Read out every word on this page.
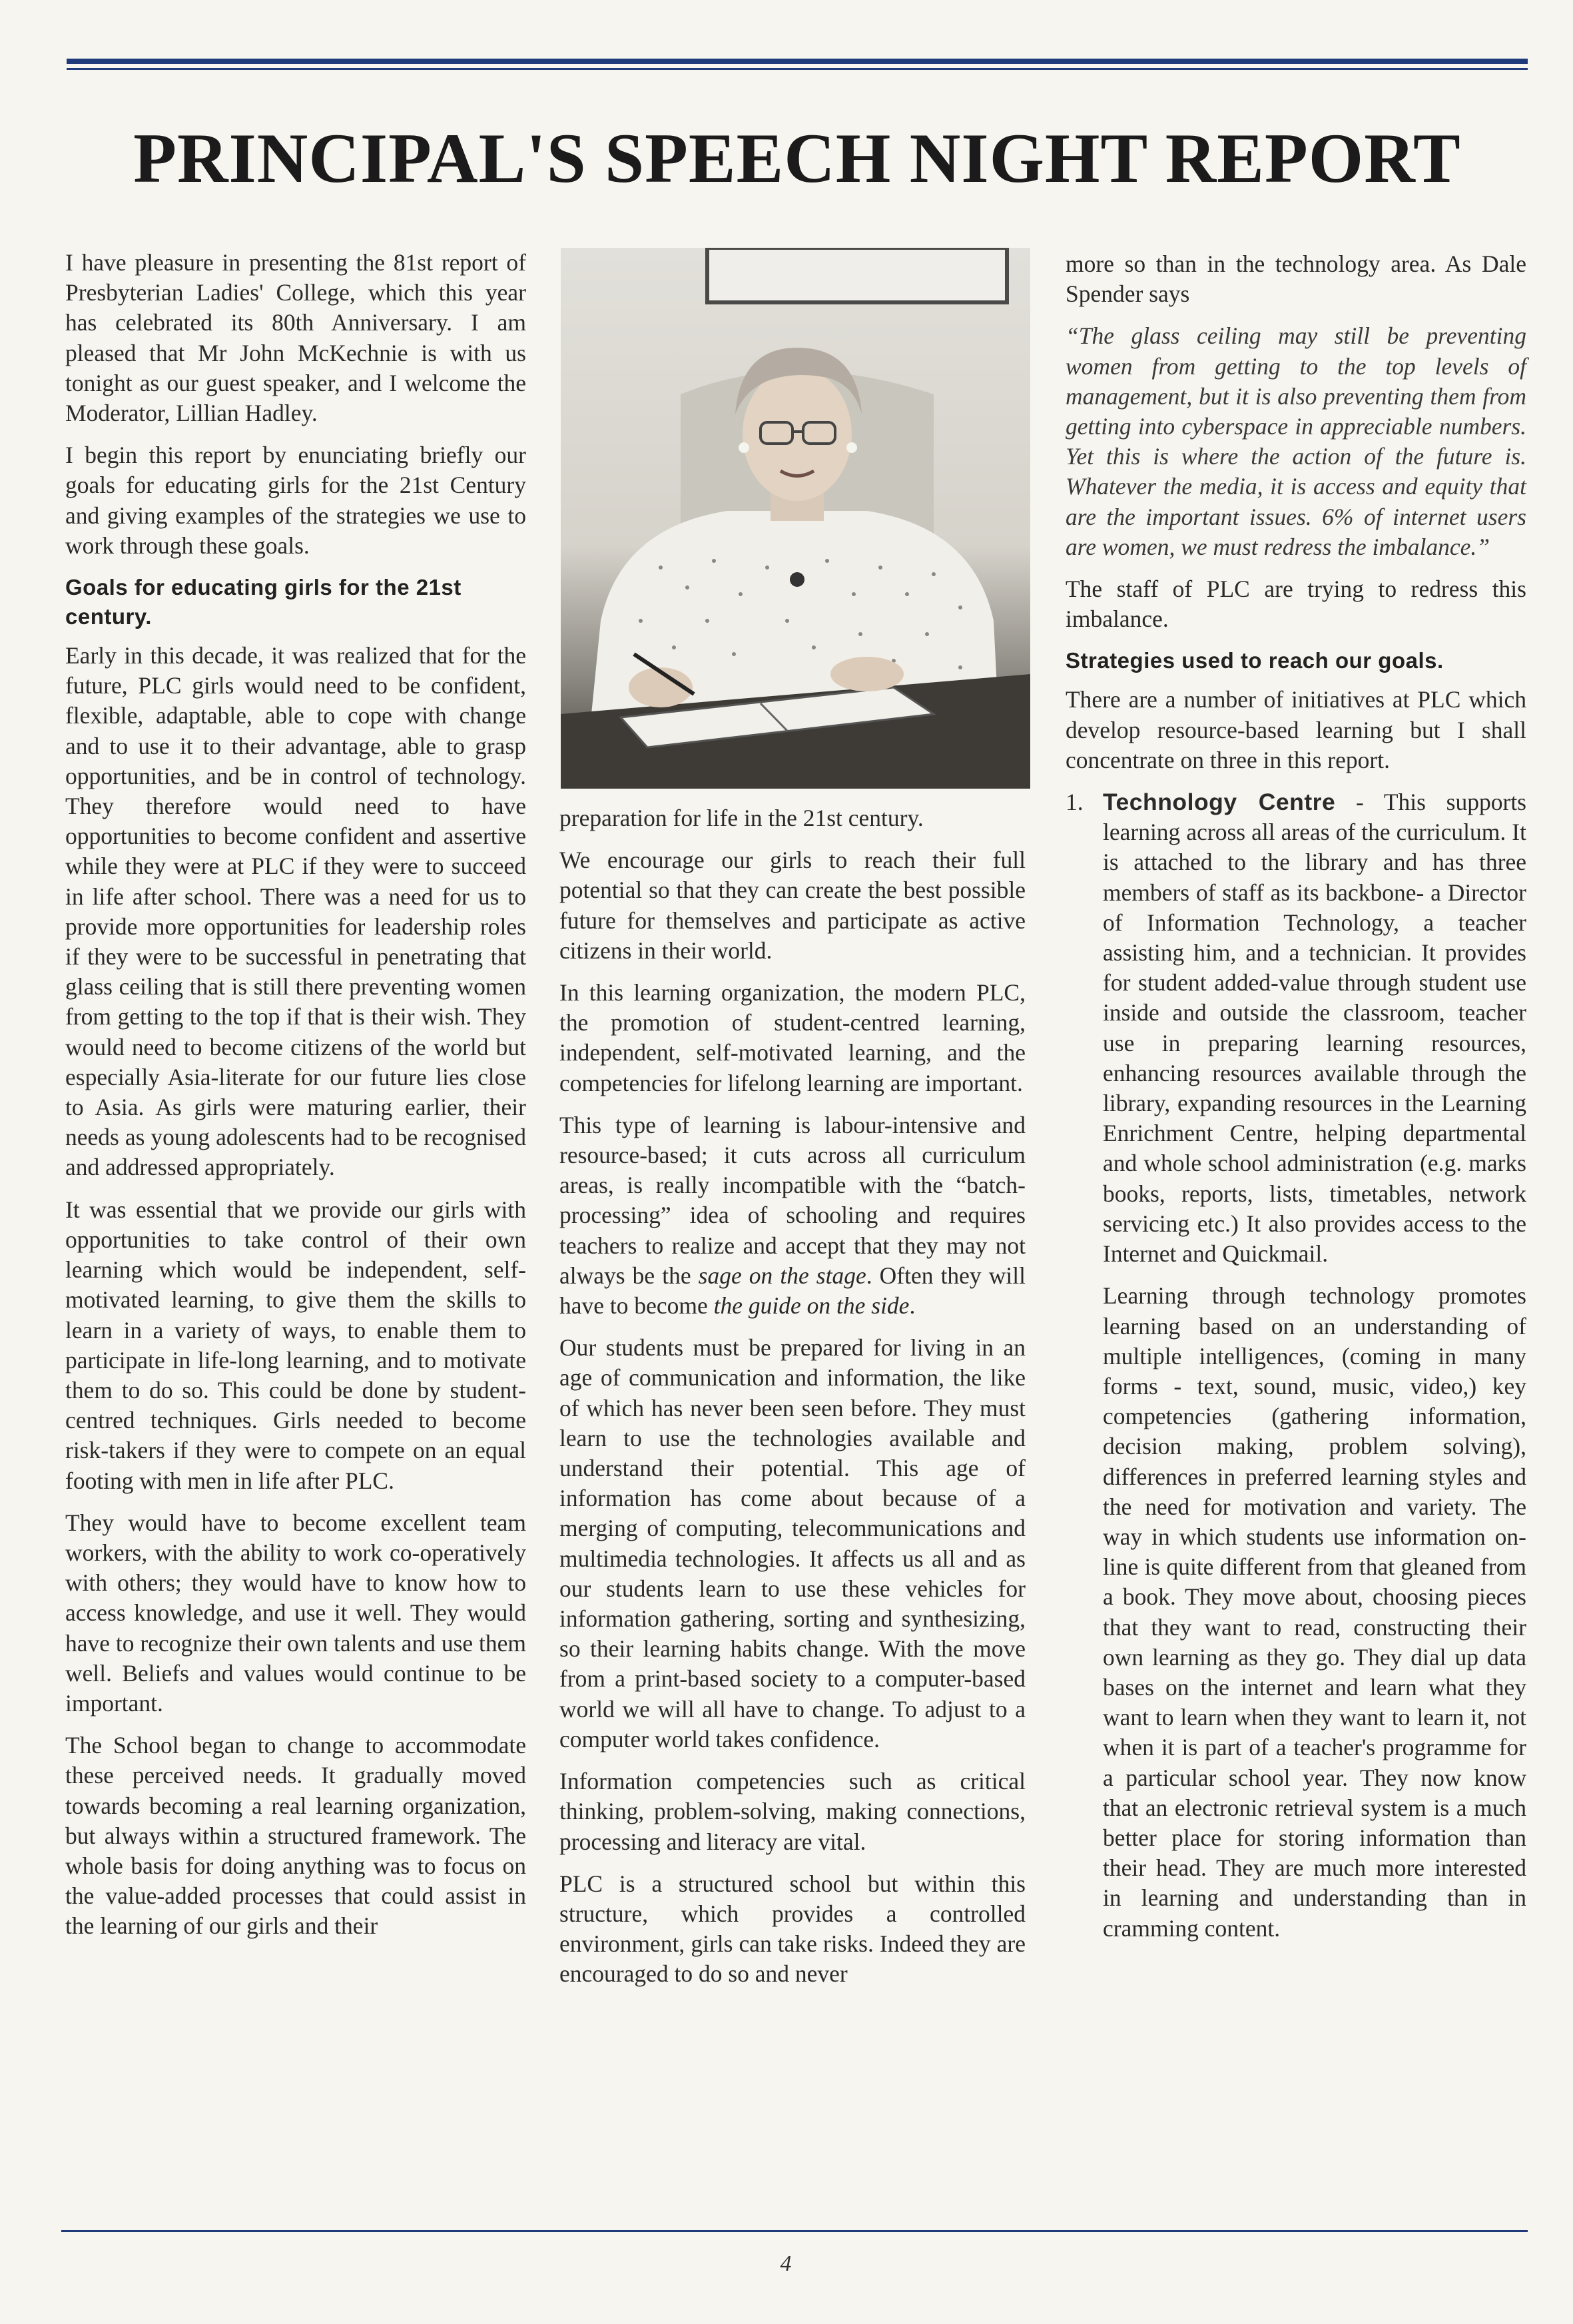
PRINCIPAL'S SPEECH NIGHT REPORT

I have pleasure in presenting the 81st report of Presbyterian Ladies' College, which this year has celebrated its 80th Anniversary. I am pleased that Mr John McKechnie is with us tonight as our guest speaker, and I welcome the Moderator, Lillian Hadley.

I begin this report by enunciating briefly our goals for educating girls for the 21st Century and giving examples of the strategies we use to work through these goals.

Goals for educating girls for the 21st century.

Early in this decade, it was realized that for the future, PLC girls would need to be confident, flexible, adaptable, able to cope with change and to use it to their advantage, able to grasp opportunities, and be in control of technology. They therefore would need to have opportunities to become confident and assertive while they were at PLC if they were to succeed in life after school. There was a need for us to provide more opportunities for leadership roles if they were to be successful in penetrating that glass ceiling that is still there preventing women from getting to the top if that is their wish. They would need to become citizens of the world but especially Asia-literate for our future lies close to Asia. As girls were maturing earlier, their needs as young adolescents had to be recognised and addressed appropriately.

It was essential that we provide our girls with opportunities to take control of their own learning which would be independent, self-motivated learning, to give them the skills to learn in a variety of ways, to enable them to participate in life-long learning, and to motivate them to do so. This could be done by student-centred techniques. Girls needed to become risk-takers if they were to compete on an equal footing with men in life after PLC.

They would have to become excellent team workers, with the ability to work co-operatively with others; they would have to know how to access knowledge, and use it well. They would have to recognize their own talents and use them well. Beliefs and values would continue to be important.

The School began to change to accommodate these perceived needs. It gradually moved towards becoming a real learning organization, but always within a structured framework. The whole basis for doing anything was to focus on the value-added processes that could assist in the learning of our girls and their

preparation for life in the 21st century.

We encourage our girls to reach their full potential so that they can create the best possible future for themselves and participate as active citizens in their world.

In this learning organization, the modern PLC, the promotion of student-centred learning, independent, self-motivated learning, and the competencies for lifelong learning are important.

This type of learning is labour-intensive and resource-based; it cuts across all curriculum areas, is really incompatible with the “batch-processing” idea of schooling and requires teachers to realize and accept that they may not always be the sage on the stage. Often they will have to become the guide on the side.

Our students must be prepared for living in an age of communication and information, the like of which has never been seen before. They must learn to use the technologies available and understand their potential. This age of information has come about because of a merging of computing, telecommunications and multimedia technologies. It affects us all and as our students learn to use these vehicles for information gathering, sorting and synthesizing, so their learning habits change. With the move from a print-based society to a computer-based world we will all have to change. To adjust to a computer world takes confidence.

Information competencies such as critical thinking, problem-solving, making connections, processing and literacy are vital.

PLC is a structured school but within this structure, which provides a controlled environment, girls can take risks. Indeed they are encouraged to do so and never

more so than in the technology area. As Dale Spender says

“The glass ceiling may still be preventing women from getting to the top levels of management, but it is also preventing them from getting into cyberspace in appreciable numbers. Yet this is where the action of the future is. Whatever the media, it is access and equity that are the important issues. 6% of internet users are women, we must redress the imbalance.”

The staff of PLC are trying to redress this imbalance.

Strategies used to reach our goals.

There are a number of initiatives at PLC which develop resource-based learning but I shall concentrate on three in this report.

1. Technology Centre - This supports learning across all areas of the curriculum. It is attached to the library and has three members of staff as its backbone- a Director of Information Technology, a teacher assisting him, and a technician. It provides for student added-value through student use inside and outside the classroom, teacher use in preparing learning resources, enhancing resources available through the library, expanding resources in the Learning Enrichment Centre, helping departmental and whole school administration (e.g. marks books, reports, lists, timetables, network servicing etc.) It also provides access to the Internet and Quickmail.

Learning through technology promotes learning based on an understanding of multiple intelligences, (coming in many forms - text, sound, music, video,) key competencies (gathering information, decision making, problem solving), differences in preferred learning styles and the need for motivation and variety. The way in which students use information on-line is quite different from that gleaned from a book. They move about, choosing pieces that they want to read, constructing their own learning as they go. They dial up data bases on the internet and learn what they want to learn when they want to learn it, not when it is part of a teacher's programme for a particular school year. They now know that an electronic retrieval system is a much better place for storing information than their head. They are much more interested in learning and understanding than in cramming content.

4
